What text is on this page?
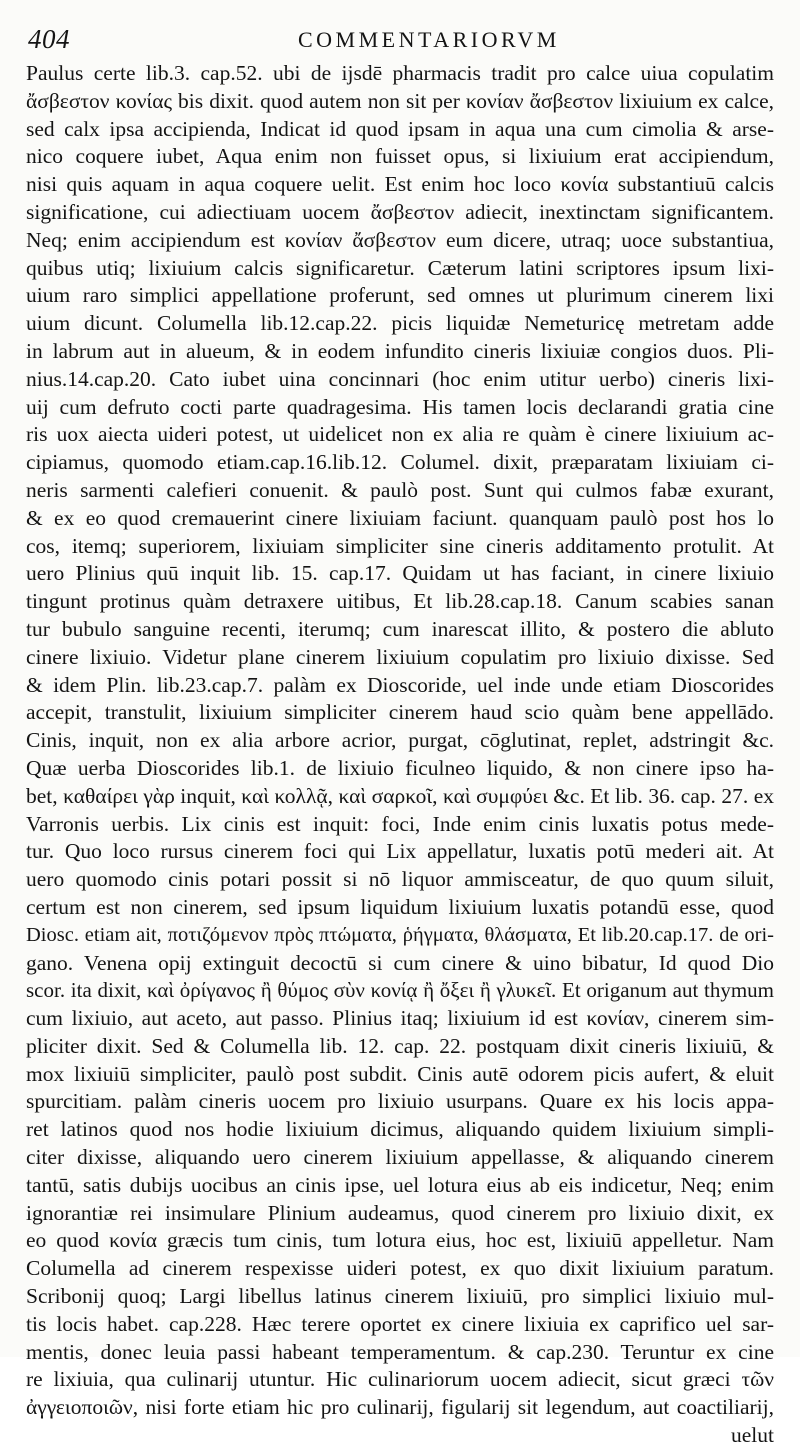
404	COMMENTARIORVM
Paulus certe lib.3. cap.52. ubi de ijsdē pharmacis tradit pro calce uiua copulatim
ἄσβεστον κονίας bis dixit. quod autem non sit per κονίαν ἄσβεστον lixiuium ex calce,
sed calx ipsa accipienda, Indicat id quod ipsam in aqua una cum cimolia & arse-
nico coquere iubet, Aqua enim non fuisset opus, si lixiuium erat accipiendum,
nisi quis aquam in aqua coquere uelit. Est enim hoc loco κονία substantiuū calcis
significatione, cui adiectiuam uocem ἄσβεστον adiecit, inextinctam significantem.
Neq; enim accipiendum est κονίαν ἄσβεστον eum dicere, utraq; uoce substantiua,
quibus utiq; lixiuium calcis significaretur. Cæterum latini scriptores ipsum lixi-
uium raro simplici appellatione proferunt, sed omnes ut plurimum cinerem lixi
uium dicunt. Columella lib.12.cap.22. picis liquidæ Nemeturicę metretam adde
in labrum aut in alueum, & in eodem infundito cineris lixiuiæ congios duos. Pli-
nius.14.cap.20. Cato iubet uina concinnari (hoc enim utitur uerbo) cineris lixi-
uij cum defruto cocti parte quadragesima. His tamen locis declarandi gratia cine
ris uox aiecta uideri potest, ut uidelicet non ex alia re quàm è cinere lixiuium ac-
cipiamus, quomodo etiam.cap.16.lib.12. Columel. dixit, præparatam lixiuiam ci-
neris sarmenti calefieri conuenit. & paulò post. Sunt qui culmos fabæ exurant,
& ex eo quod cremauerint cinere lixiuiam faciunt. quanquam paulò post hos lo
cos, itemq; superiorem, lixiuiam simpliciter sine cineris additamento protulit. At
uero Plinius quū inquit lib. 15. cap.17. Quidam ut has faciant, in cinere lixiuio
tingunt protinus quàm detraxere uitibus, Et lib.28.cap.18. Canum scabies sanan
tur bubulo sanguine recenti, iterumq; cum inarescat illito, & postero die abluto
cinere lixiuio. Videtur plane cinerem lixiuium copulatim pro lixiuio dixisse. Sed
& idem Plin. lib.23.cap.7. palàm ex Dioscoride, uel inde unde etiam Dioscorides
accepit, transtulit, lixiuium simpliciter cinerem haud scio quàm bene appellādo.
Cinis, inquit, non ex alia arbore acrior, purgat, cōglutinat, replet, adstringit &c.
Quæ uerba Dioscorides lib.1. de lixiuio ficulneo liquido, & non cinere ipso ha-
bet, καθαίρει γὰρ inquit, καὶ κολλᾷ, καὶ σαρκοῖ, καὶ συμφύει &c. Et lib. 36. cap. 27. ex
Varronis uerbis. Lix cinis est inquit: foci, Inde enim cinis luxatis potus mede-
tur. Quo loco rursus cinerem foci qui Lix appellatur, luxatis potū mederi ait. At
uero quomodo cinis potari possit si nō liquor ammisceatur, de quo quum siluit,
certum est non cinerem, sed ipsum liquidum lixiuium luxatis potandū esse, quod
Diosc. etiam ait, ποτιζόμενον πρὸς πτώματα, ῥήγματα, θλάσματα, Et lib.20.cap.17. de ori-
gano. Venena opij extinguit decoctū si cum cinere & uino bibatur, Id quod Dio
scor. ita dixit, καὶ ὀρίγανος ἢ θύμος σὺν κονίᾳ ἢ ὄξει ἢ γλυκεῖ. Et origanum aut thymum
cum lixiuio, aut aceto, aut passo. Plinius itaq; lixiuium id est κονίαν, cinerem sim-
pliciter dixit. Sed & Columella lib. 12. cap. 22. postquam dixit cineris lixiuiū, &
mox lixiuiū simpliciter, paulò post subdit. Cinis autē odorem picis aufert, & eluit
spurcitiam. palàm cineris uocem pro lixiuio usurpans. Quare ex his locis appa-
ret latinos quod nos hodie lixiuium dicimus, aliquando quidem lixiuium simpli-
citer dixisse, aliquando uero cinerem lixiuium appellasse, & aliquando cinerem
tantū, satis dubijs uocibus an cinis ipse, uel lotura eius ab eis indicetur, Neq; enim
ignorantiæ rei insimulare Plinium audeamus, quod cinerem pro lixiuio dixit, ex
eo quod κονία græcis tum cinis, tum lotura eius, hoc est, lixiuiū appelletur. Nam
Columella ad cinerem respexisse uideri potest, ex quo dixit lixiuium paratum.
Scribonij quoq; Largi libellus latinus cinerem lixiuiū, pro simplici lixiuio mul-
tis locis habet. cap.228. Hæc terere oportet ex cinere lixiuia ex caprifico uel sar-
mentis, donec leuia passi habeant temperamentum. & cap.230. Teruntur ex cine
re lixiuia, qua culinarij utuntur. Hic culinariorum uocem adiecit, sicut græci τῶν
ἀγγειοποιῶν, nisi forte etiam hic pro culinarij, figularij sit legendum, aut coactiliarij,
uelut
